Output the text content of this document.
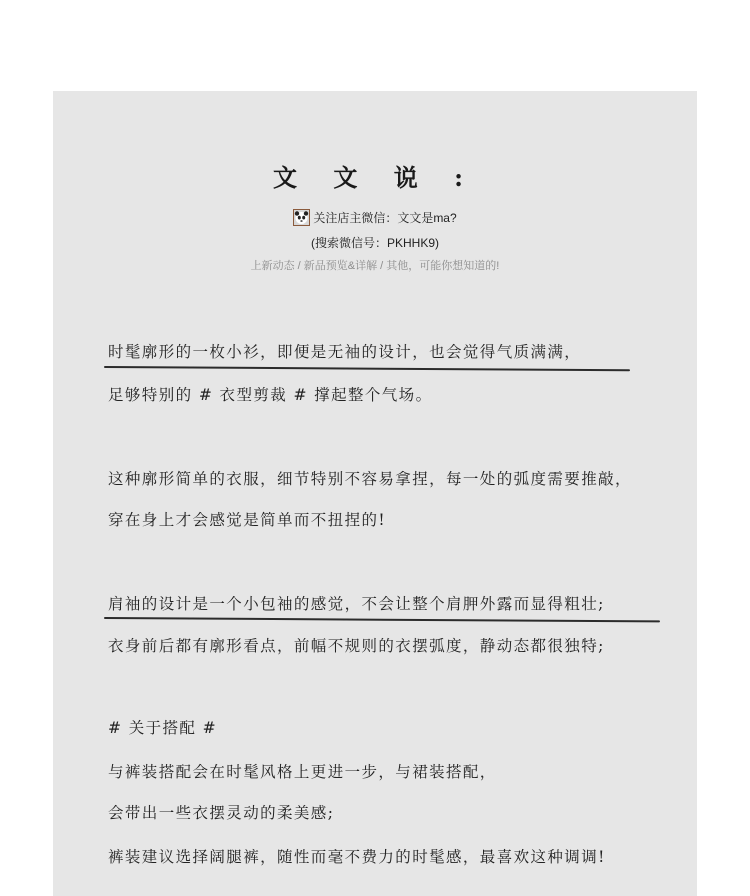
文 文 说 :

关注店主微信：文文是ma?

(搜索微信号：PKHHK9)

上新动态 / 新品预览&详解 / 其他，可能你想知道的!

时髦廓形的一枚小衫，即便是无袖的设计，也会觉得气质满满，

足够特别的 # 衣型剪裁 # 撑起整个气场。

这种廓形简单的衣服，细节特别不容易拿捏，每一处的弧度需要推敲，

穿在身上才会感觉是简单而不扭捏的!

肩袖的设计是一个小包袖的感觉，不会让整个肩胛外露而显得粗壮;

衣身前后都有廓形看点，前幅不规则的衣摆弧度，静动态都很独特;

# 关于搭配 #

与裤装搭配会在时髦风格上更进一步，与裙装搭配，

会带出一些衣摆灵动的柔美感;

裤装建议选择阔腿裤，随性而毫不费力的时髦感，最喜欢这种调调!
